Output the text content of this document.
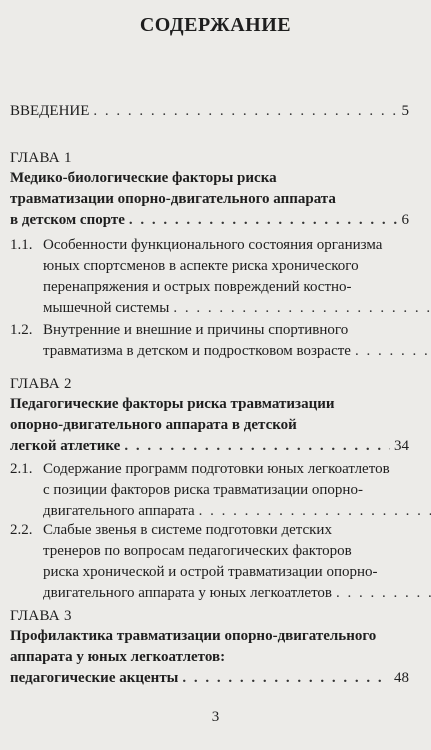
СОДЕРЖАНИЕ
ВВЕДЕНИЕ . . .	5
ГЛАВА 1
Медико-биологические факторы риска
травматизации опорно-двигательного аппарата
в детском спорте . . .	6
1.1. Особенности функционального состояния организма
юных спортсменов в аспекте риска хронического
перенапряжения и острых повреждений костно-
мышечной системы
. . .
1.2. Внутренние и внешние и причины спортивного
травматизма в детском и подростковом возрасте
. . .
ГЛАВА 2
Педагогические факторы риска травматизации
опорно-двигательного аппарата в детской
легкой атлетике . . .	34
2.1. Содержание программ подготовки юных легкоатлетов
с позиции факторов риска травматизации опорно-
двигательного аппарата
. . .
2.2. Слабые звенья в системе подготовки детских
тренеров по вопросам педагогических факторов
риска хронической и острой травматизации опорно-
двигательного аппарата у юных легкоатлетов
. . .
ГЛАВА 3
Профилактика травматизации опорно-двигательного
аппарата у юных легкоатлетов:
педагогические акценты . . .	48
3
